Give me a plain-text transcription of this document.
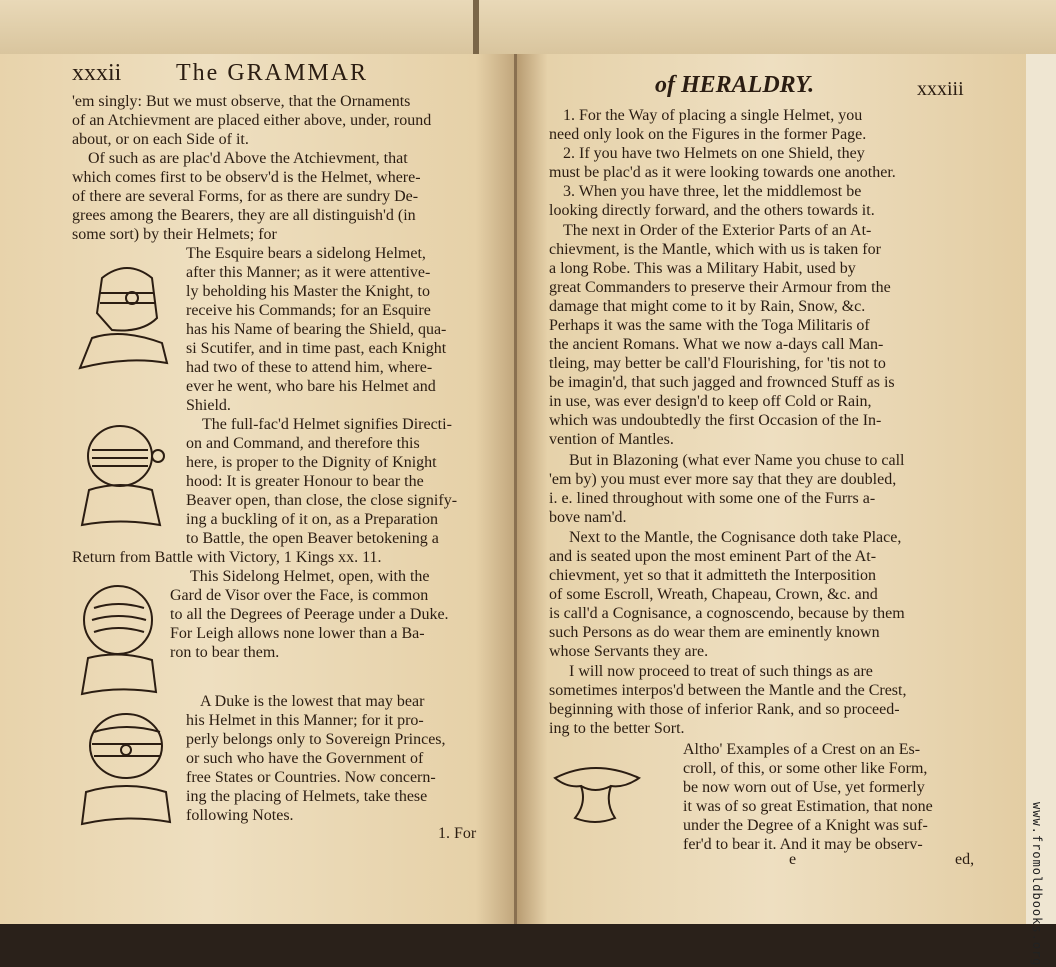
xxxii The GRAMMAR
'em singly: But we must observe, that the Ornaments
of an Atchievment are placed either above, under, round
about, or on each Side of it.
Of such as are plac'd Above the Atchievment, that
which comes first to be observ'd is the Helmet, where-
of there are several Forms, for as there are sundry De-
grees among the Bearers, they are all distinguish'd (in
some sort) by their Helmets; for
The Esquire bears a sidelong Helmet,
after this Manner; as it were attentive-
ly beholding his Master the Knight, to
receive his Commands; for an Esquire
has his Name of bearing the Shield, qua-
si Scutifer, and in time past, each Knight
had two of these to attend him, where-
ever he went, who bare his Helmet and
Shield.
The full-fac'd Helmet signifies Directi-
on and Command, and therefore this
here, is proper to the Dignity of Knight
hood: It is greater Honour to bear the
Beaver open, than close, the close signify-
ing a buckling of it on, as a Preparation
to Battle, the open Beaver betokening a
Return from Battle with Victory, 1 Kings xx. 11.
This Sidelong Helmet, open, with the
Gard de Visor over the Face, is common
to all the Degrees of Peerage under a Duke.
For Leigh allows none lower than a Ba-
ron to bear them.
A Duke is the lowest that may bear
his Helmet in this Manner; for it pro-
perly belongs only to Sovereign Princes,
or such who have the Government of
free States or Countries. Now concern-
ing the placing of Helmets, take these
following Notes.
1. For
of HERALDRY.	xxxiii
1. For the Way of placing a single Helmet, you
need only look on the Figures in the former Page.
2. If you have two Helmets on one Shield, they
must be plac'd as it were looking towards one another.
3. When you have three, let the middlemost be
looking directly forward, and the others towards it.
The next in Order of the Exterior Parts of an At-
chievment, is the Mantle, which with us is taken for
a long Robe. This was a Military Habit, used by
great Commanders to preserve their Armour from the
damage that might come to it by Rain, Snow, &c.
Perhaps it was the same with the Toga Militaris of
the ancient Romans. What we now a-days call Man-
tleing, may better be call'd Flourishing, for 'tis not to
be imagin'd, that such jagged and frownced Stuff as is
in use, was ever design'd to keep off Cold or Rain,
which was undoubtedly the first Occasion of the In-
vention of Mantles.
But in Blazoning (what ever Name you chuse to call
'em by) you must ever more say that they are doubled,
i. e. lined throughout with some one of the Furrs a-
bove nam'd.
Next to the Mantle, the Cognisance doth take Place,
and is seated upon the most eminent Part of the At-
chievment, yet so that it admitteth the Interposition
of some Escroll, Wreath, Chapeau, Crown, &c. and
is call'd a Cognisance, a cognoscendo, because by them
such Persons as do wear them are eminently known
whose Servants they are.
I will now proceed to treat of such things as are
sometimes interpos'd between the Mantle and the Crest,
beginning with those of inferior Rank, and so proceed-
ing to the better Sort.
Altho' Examples of a Crest on an Es-
croll, of this, or some other like Form,
be now worn out of Use, yet formerly
it was of so great Estimation, that none
under the Degree of a Knight was suf-
fer'd to bear it. And it may be observ-
e	ed,	www.fromoldbooks.org
